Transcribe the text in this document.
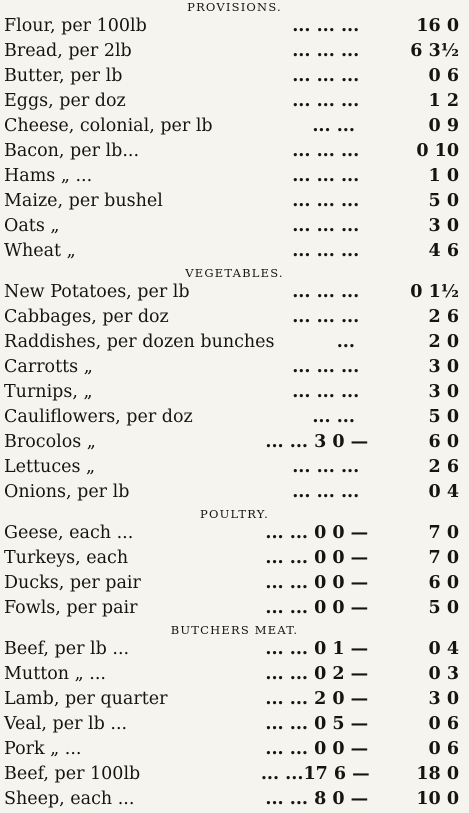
PROVISIONS.
Flour, per 100lb	... ... ...	16 0
Bread, per 2lb	... ... ...	6 3½
Butter, per lb	... ... ...	0 6
Eggs, per doz	... ... ...	1 2
Cheese, colonial, per lb	... ...	0 9
Bacon, per lb...	... ... ...	0 10
Hams „ ...	... ... ...	1 0
Maize, per bushel	... ... ...	5 0
Oats „	... ... ...	3 0
Wheat „	... ... ...	4 6
VEGETABLES.
New Potatoes, per lb	... ... ...	0 1½
Cabbages, per doz	... ... ...	2 6
Raddishes, per dozen bunches	...	2 0
Carrotts „	... ... ...	3 0
Turnips, „	... ... ...	3 0
Cauliflowers, per doz	... ...	5 0
Brocolos „	... ... 3 0 —	6 0
Lettuces „	... ... ...	2 6
Onions, per lb	... ... ...	0 4
POULTRY.
Geese, each ...	... ... 0 0 —	7 0
Turkeys, each	... ... 0 0 —	7 0
Ducks, per pair	... ... 0 0 —	6 0
Fowls, per pair	... ... 0 0 —	5 0
BUTCHERS MEAT.
Beef, per lb ...	... ... 0 1 —	0 4
Mutton „ ...	... ... 0 2 —	0 3
Lamb, per quarter	... ... 2 0 —	3 0
Veal, per lb ...	... ... 0 5 —	0 6
Pork „ ...	... ... 0 0 —	0 6
Beef, per 100lb	... ...17 6 —	18 0
Sheep, each ...	... ... 8 0 —	10 0
